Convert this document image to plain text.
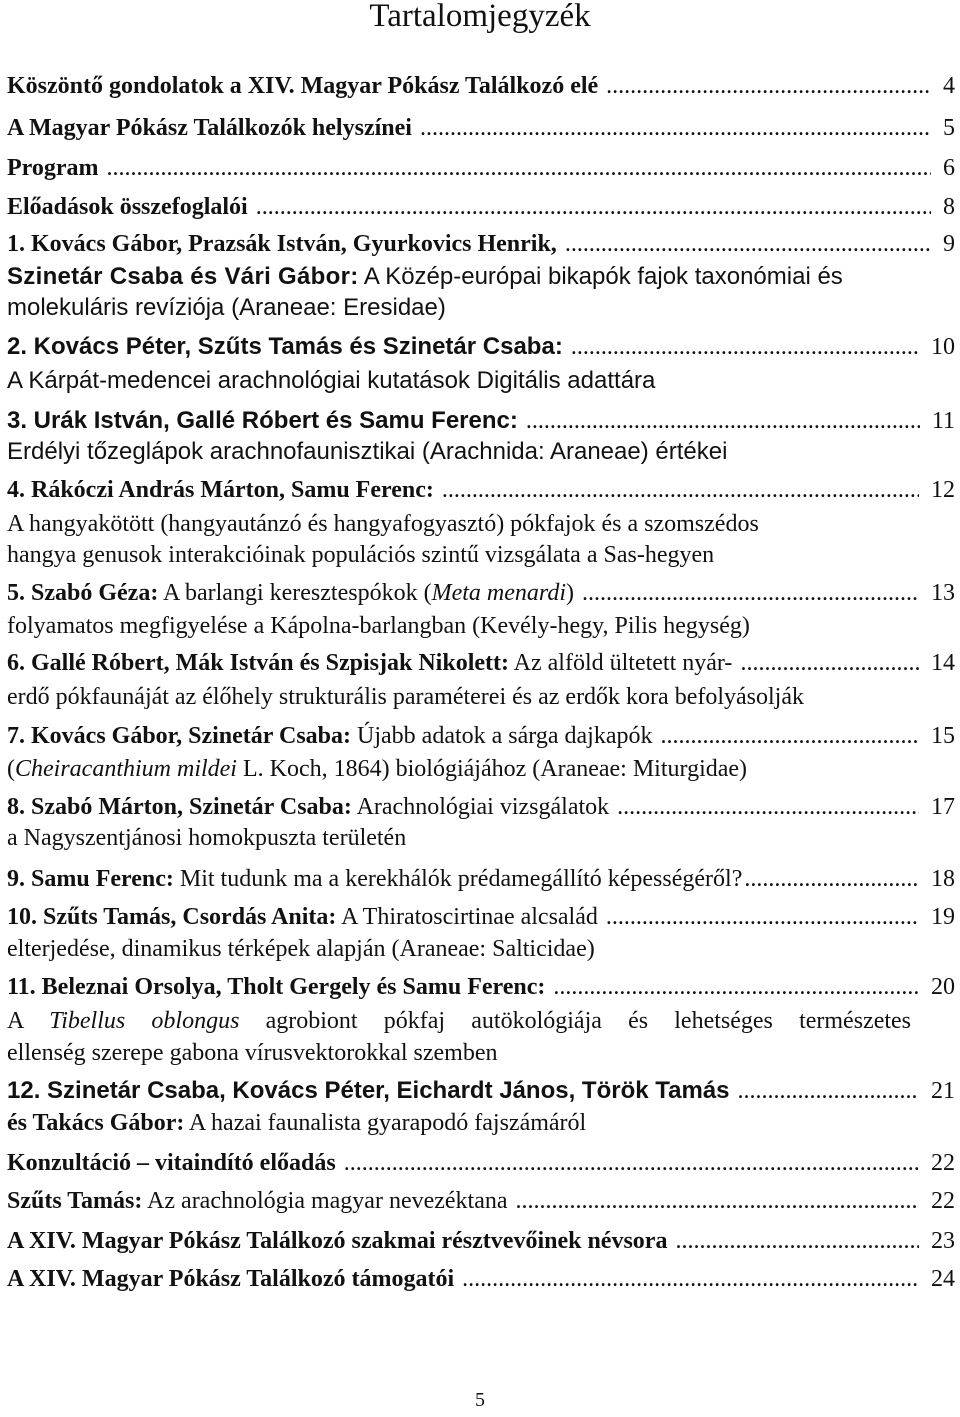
Tartalomjegyzék
Köszöntő gondolatok a XIV. Magyar Pókász Találkozó elé .....	4
A Magyar Pókász Találkozók helyszínei .....	5
Program .....	6
Előadások összefoglalói .....	8
1. Kovács Gábor, Prazsák István, Gyurkovics Henrik, .....	9
Szinetár Csaba és Vári Gábor: A Közép-európai bikapók fajok taxonómiai és
molekuláris revíziója (Araneae: Eresidae)
2. Kovács Péter, Szűts Tamás és Szinetár Csaba: .....	10
A Kárpát-medencei arachnológiai kutatások Digitális adattára
3. Urák István, Gallé Róbert és Samu Ferenc: .....	11
Erdélyi tőzeglápok arachnofaunisztikai (Arachnida: Araneae) értékei
4. Rákóczi András Márton, Samu Ferenc: .....	12
A hangyakötött (hangyautánzó és hangyafogyasztó) pókfajok és a szomszédos
hangya genusok interakcióinak populációs szintű vizsgálata a Sas-hegyen
5. Szabó Géza: A barlangi keresztespókok (Meta menardi) .....	13
folyamatos megfigyelése a Kápolna-barlangban (Kevély-hegy, Pilis hegység)
6. Gallé Róbert, Mák István és Szpisjak Nikolett: Az alföld ültetett nyár- .....	14
erdő pókfaunáját az élőhely strukturális paraméterei és az erdők kora befolyásolják
7. Kovács Gábor, Szinetár Csaba: Újabb adatok a sárga dajkapók .....	15
(Cheiracanthium mildei L. Koch, 1864) biológiájához (Araneae: Miturgidae)
8. Szabó Márton, Szinetár Csaba: Arachnológiai vizsgálatok .....	17
a Nagyszentjánosi homokpuszta területén
9. Samu Ferenc: Mit tudunk ma a kerekhálók prédamegállító képességéről? .....	18
10. Szűts Tamás, Csordás Anita: A Thiratoscirtinae alcsalád .....	19
elterjedése, dinamikus térképek alapján (Araneae: Salticidae)
11. Beleznai Orsolya, Tholt Gergely és Samu Ferenc: .....	20
A Tibellus oblongus agrobiont pókfaj autökológiája és lehetséges természetes
ellenség szerepe gabona vírusvektorokkal szemben
12. Szinetár Csaba, Kovács Péter, Eichardt János, Török Tamás .....	21
és Takács Gábor: A hazai faunalista gyarapodó fajszámáról
Konzultáció – vitaindító előadás .....	22
Szűts Tamás: Az arachnológia magyar nevezéktana .....	22
A XIV. Magyar Pókász Találkozó szakmai résztvevőinek névsora .....	23
A XIV. Magyar Pókász Találkozó támogatói .....	24
5
